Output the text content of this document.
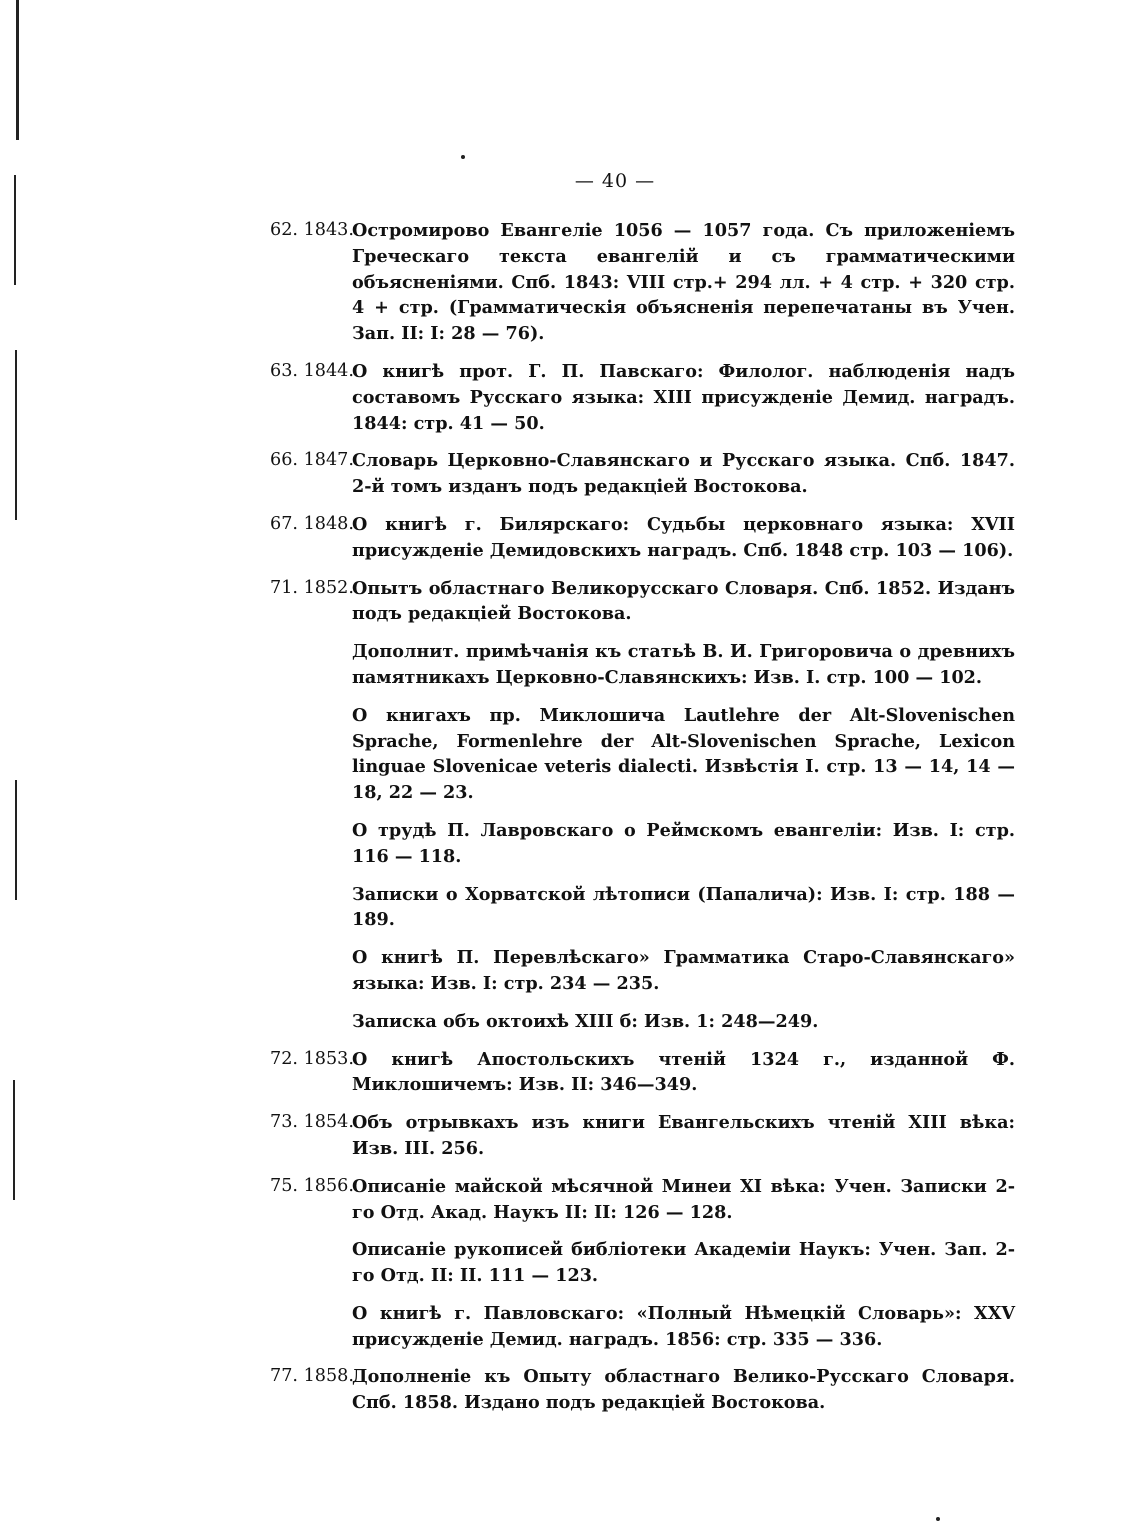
— 40 —
62. 1843.
Остромирово Евангеліе 1056 — 1057 года. Съ приложеніемъ Греческаго текста евангелій и съ грамматическими объясненіями. Спб. 1843: VIII стр.+ 294 лл. + 4 стр. + 320 стр. 4 + стр. (Грамматическія объясненія перепечатаны въ Учен. Зап. II: I: 28 — 76).
63. 1844.
О книгѣ прот. Г. П. Павскаго: Филолог. наблюденія надъ составомъ Русскаго языка: XIII присужденіе Демид. наградъ. 1844: стр. 41 — 50.
66. 1847.
Словарь Церковно-Славянскаго и Русскаго языка. Спб. 1847. 2-й томъ изданъ подъ редакціей Востокова.
67. 1848.
О книгѣ г. Билярскаго: Судьбы церковнаго языка: XVII присужденіе Демидовскихъ наградъ. Спб. 1848 стр. 103 — 106).
71. 1852.
Опытъ областнаго Великорусскаго Словаря. Спб. 1852. Изданъ подъ редакціей Востокова.
Дополнит. примѣчанія къ статьѣ В. И. Григоровича о древнихъ памятникахъ Церковно-Славянскихъ: Изв. I. стр. 100 — 102.
О книгахъ пр. Миклошича Lautlehre der Alt-Slovenischen Sprache, Formenlehre der Alt-Slovenischen Sprache, Lexicon linguae Slovenicae veteris dialecti. Извѣстія I. стр. 13 — 14, 14 — 18, 22 — 23.
О трудѣ П. Лавровскаго о Реймскомъ евангеліи: Изв. I: стр. 116 — 118.
Записки о Хорватской лѣтописи (Папалича): Изв. I: стр. 188 — 189.
О книгѣ П. Перевлѣскаго» Грамматика Старо-Славянскаго» языка: Изв. I: стр. 234 — 235.
Записка объ октоихѣ XIII б: Изв. 1: 248—249.
72. 1853.
О книгѣ Апостольскихъ чтеній 1324 г., изданной Ф. Миклошичемъ: Изв. II: 346—349.
73. 1854.
Объ отрывкахъ изъ книги Евангельскихъ чтеній XIII вѣка: Изв. III. 256.
75. 1856.
Описаніе майской мѣсячной Минеи XI вѣка: Учен. Записки 2-го Отд. Акад. Наукъ II: II: 126 — 128.
Описаніе рукописей библіотеки Академіи Наукъ: Учен. Зап. 2-го Отд. II: II. 111 — 123.
О книгѣ г. Павловскаго: «Полный Нѣмецкій Словарь»: XXV присужденіе Демид. наградъ. 1856: стр. 335 — 336.
77. 1858.
Дополненіе къ Опыту областнаго Велико-Русскаго Словаря. Спб. 1858. Издано подъ редакціей Востокова.
